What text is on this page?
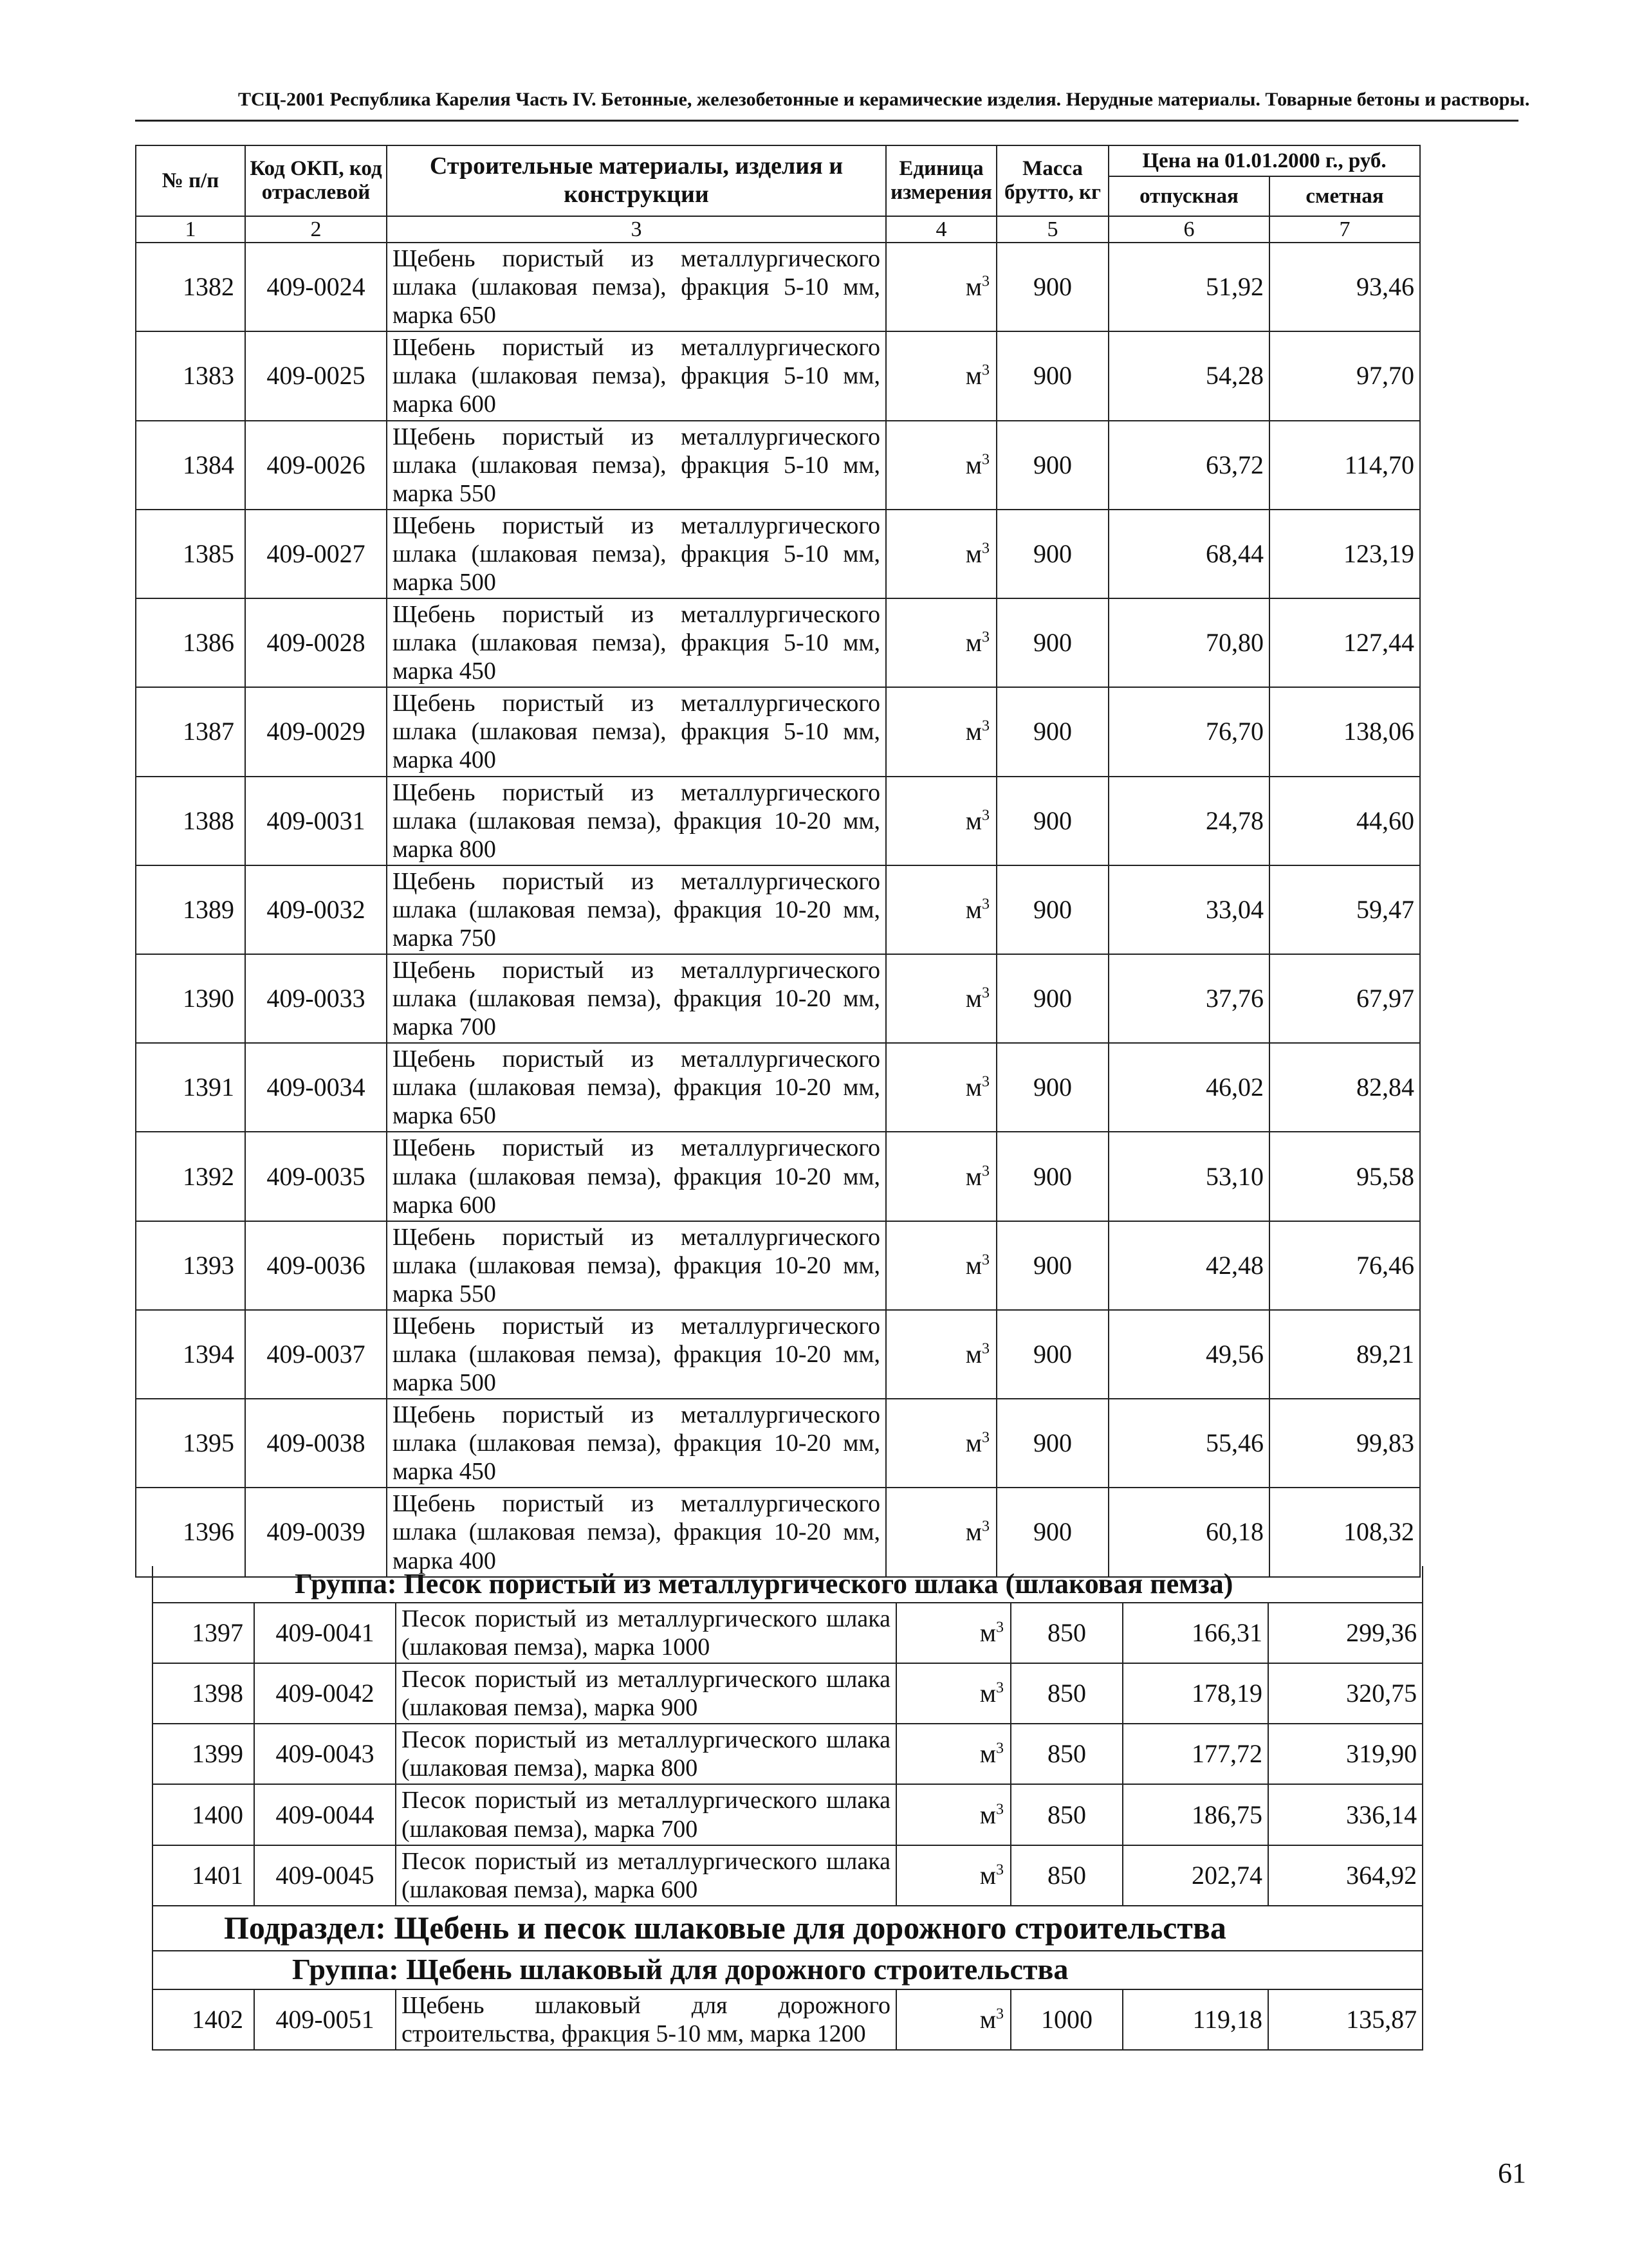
ТСЦ-2001 Республика Карелия Часть IV. Бетонные, железобетонные и керамические изделия. Нерудные материалы. Товарные бетоны и растворы.
№ п/п	Код ОКП, код отраслевой	Строительные материалы, изделия и конструкции	Единица измерения	Масса брутто, кг	Цена на 01.01.2000 г., руб.	
					отпускная	сметная
1	2	3	4	5	6	7
1382	409-0024	Щебень пористый из металлургического шлака (шлаковая пемза), фракция 5-10 мм, марка 650	$м^3$	900	51,92	93,46
1383	409-0025	Щебень пористый из металлургического шлака (шлаковая пемза), фракция 5-10 мм, марка 600	$м^3$	900	54,28	97,70
1384	409-0026	Щебень пористый из металлургического шлака (шлаковая пемза), фракция 5-10 мм, марка 550	$м^3$	900	63,72	114,70
1385	409-0027	Щебень пористый из металлургического шлака (шлаковая пемза), фракция 5-10 мм, марка 500	$м^3$	900	68,44	123,19
1386	409-0028	Щебень пористый из металлургического шлака (шлаковая пемза), фракция 5-10 мм, марка 450	$м^3$	900	70,80	127,44
1387	409-0029	Щебень пористый из металлургического шлака (шлаковая пемза), фракция 5-10 мм, марка 400	$м^3$	900	76,70	138,06
1388	409-0031	Щебень пористый из металлургического шлака (шлаковая пемза), фракция 10-20 мм, марка 800	$м^3$	900	24,78	44,60
1389	409-0032	Щебень пористый из металлургического шлака (шлаковая пемза), фракция 10-20 мм, марка 750	$м^3$	900	33,04	59,47
1390	409-0033	Щебень пористый из металлургического шлака (шлаковая пемза), фракция 10-20 мм, марка 700	$м^3$	900	37,76	67,97
1391	409-0034	Щебень пористый из металлургического шлака (шлаковая пемза), фракция 10-20 мм, марка 650	$м^3$	900	46,02	82,84
1392	409-0035	Щебень пористый из металлургического шлака (шлаковая пемза), фракция 10-20 мм, марка 600	$м^3$	900	53,10	95,58
1393	409-0036	Щебень пористый из металлургического шлака (шлаковая пемза), фракция 10-20 мм, марка 550	$м^3$	900	42,48	76,46
1394	409-0037	Щебень пористый из металлургического шлака (шлаковая пемза), фракция 10-20 мм, марка 500	$м^3$	900	49,56	89,21
1395	409-0038	Щебень пористый из металлургического шлака (шлаковая пемза), фракция 10-20 мм, марка 450	$м^3$	900	55,46	99,83
1396	409-0039	Щебень пористый из металлургического шлака (шлаковая пемза), фракция 10-20 мм, марка 400	$м^3$	900	60,18	108,32
Группа: Песок пористый из металлургического шлака (шлаковая пемза)						
1397	409-0041	Песок пористый из металлургического шлака (шлаковая пемза), марка 1000	$м^3$	850	166,31	299,36
1398	409-0042	Песок пористый из металлургического шлака (шлаковая пемза), марка 900	$м^3$	850	178,19	320,75
1399	409-0043	Песок пористый из металлургического шлака (шлаковая пемза), марка 800	$м^3$	850	177,72	319,90
1400	409-0044	Песок пористый из металлургического шлака (шлаковая пемза), марка 700	$м^3$	850	186,75	336,14
1401	409-0045	Песок пористый из металлургического шлака (шлаковая пемза), марка 600	$м^3$	850	202,74	364,92
Подраздел: Щебень и песок шлаковые для дорожного строительства						
Группа: Щебень шлаковый для дорожного строительства						
1402	409-0051	Щебень шлаковый для дорожного строительства, фракция 5-10 мм, марка 1200	$м^3$	1000	119,18	135,87
61
